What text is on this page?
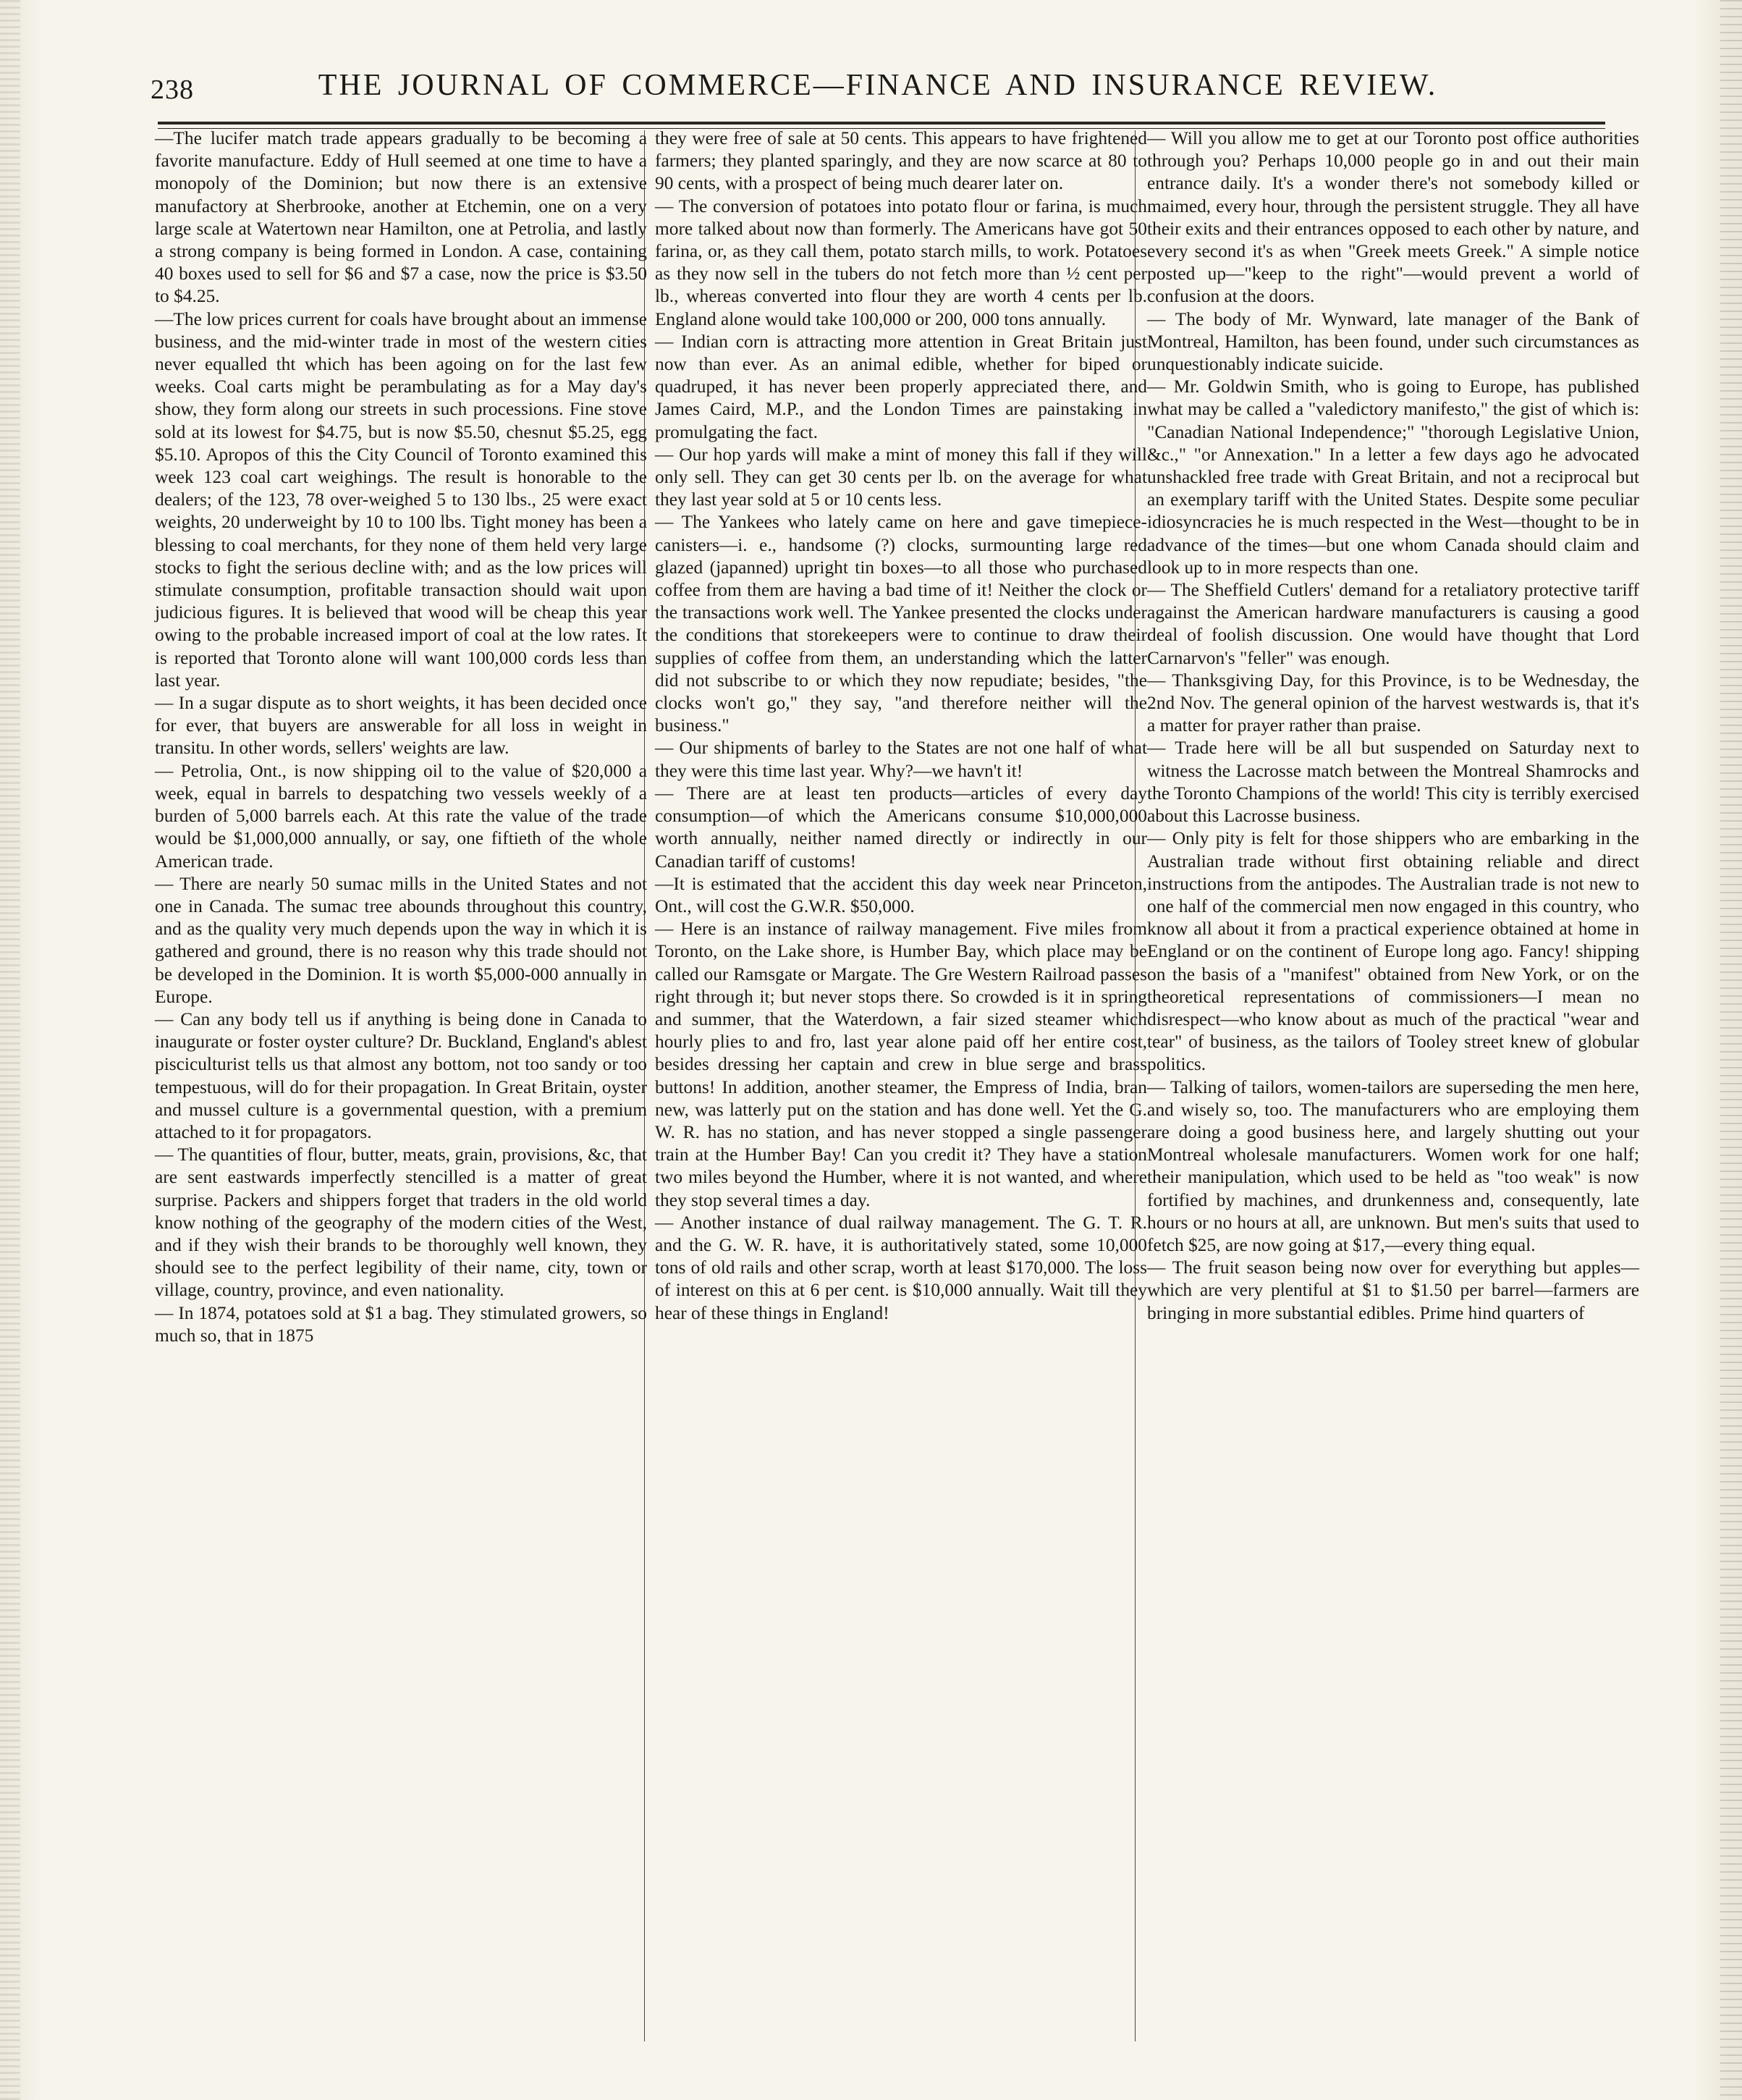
238	THE JOURNAL OF COMMERCE—FINANCE AND INSURANCE REVIEW.

—The lucifer match trade appears gradually to be becoming a favorite manufacture. Eddy of Hull seemed at one time to have a monopoly of the Dominion; but now there is an extensive manufactory at Sherbrooke, another at Etchemin, one on a very large scale at Watertown near Hamilton, one at Petrolia, and lastly a strong company is being formed in London. A case, containing 40 boxes used to sell for $6 and $7 a case, now the price is $3.50 to $4.25.

—The low prices current for coals have brought about an immense business, and the mid-winter trade in most of the western cities never equalled tht which has been agoing on for the last few weeks. Coal carts might be perambulating as for a May day's show, they form along our streets in such processions. Fine stove sold at its lowest for $4.75, but is now $5.50, chesnut $5.25, egg $5.10. Apropos of this the City Council of Toronto examined this week 123 coal cart weighings. The result is honorable to the dealers; of the 123, 78 over-weighed 5 to 130 lbs., 25 were exact weights, 20 underweight by 10 to 100 lbs. Tight money has been a blessing to coal merchants, for they none of them held very large stocks to fight the serious decline with; and as the low prices will stimulate consumption, profitable transaction should wait upon judicious figures. It is believed that wood will be cheap this year owing to the probable increased import of coal at the low rates. It is reported that Toronto alone will want 100,000 cords less than last year.

— In a sugar dispute as to short weights, it has been decided once for ever, that buyers are answerable for all loss in weight in transitu. In other words, sellers' weights are law.

— Petrolia, Ont., is now shipping oil to the value of $20,000 a week, equal in barrels to despatching two vessels weekly of a burden of 5,000 barrels each. At this rate the value of the trade would be $1,000,000 annually, or say, one fiftieth of the whole American trade.

— There are nearly 50 sumac mills in the United States and not one in Canada. The sumac tree abounds throughout this country, and as the quality very much depends upon the way in which it is gathered and ground, there is no reason why this trade should not be developed in the Dominion. It is worth $5,000-000 annually in Europe.

— Can any body tell us if anything is being done in Canada to inaugurate or foster oyster culture? Dr. Buckland, England's ablest pisciculturist tells us that almost any bottom, not too sandy or too tempestuous, will do for their propagation. In Great Britain, oyster and mussel culture is a governmental question, with a premium attached to it for propagators.

— The quantities of flour, butter, meats, grain, provisions, &c, that are sent eastwards imperfectly stencilled is a matter of great surprise. Packers and shippers forget that traders in the old world know nothing of the geography of the modern cities of the West, and if they wish their brands to be thoroughly well known, they should see to the perfect legibility of their name, city, town or village, country, province, and even nationality.

— In 1874, potatoes sold at $1 a bag. They stimulated growers, so much so, that in 1875

they were free of sale at 50 cents. This appears to have frightened farmers; they planted sparingly, and they are now scarce at 80 to 90 cents, with a prospect of being much dearer later on.

— The conversion of potatoes into potato flour or farina, is much more talked about now than formerly. The Americans have got 50 farina, or, as they call them, potato starch mills, to work. Potatoes as they now sell in the tubers do not fetch more than ½ cent per lb., whereas converted into flour they are worth 4 cents per lb. England alone would take 100,000 or 200, 000 tons annually.

— Indian corn is attracting more attention in Great Britain just now than ever. As an animal edible, whether for biped or quadruped, it has never been properly appreciated there, and James Caird, M.P., and the London Times are painstaking in promulgating the fact.

— Our hop yards will make a mint of money this fall if they will only sell. They can get 30 cents per lb. on the average for what they last year sold at 5 or 10 cents less.

— The Yankees who lately came on here and gave timepiece-canisters—i. e., handsome (?) clocks, surmounting large red glazed (japanned) upright tin boxes—to all those who purchased coffee from them are having a bad time of it! Neither the clock or the transactions work well. The Yankee presented the clocks under the conditions that storekeepers were to continue to draw their supplies of coffee from them, an understanding which the latter did not subscribe to or which they now repudiate; besides, "the clocks won't go," they say, "and therefore neither will the business."

— Our shipments of barley to the States are not one half of what they were this time last year. Why?—we havn't it!

— There are at least ten products—articles of every day consumption—of which the Americans consume $10,000,000 worth annually, neither named directly or indirectly in our Canadian tariff of customs!

—It is estimated that the accident this day week near Princeton, Ont., will cost the G.W.R. $50,000.

— Here is an instance of railway management. Five miles from Toronto, on the Lake shore, is Humber Bay, which place may be called our Ramsgate or Margate. The Gre Western Railroad passes right through it; but never stops there. So crowded is it in spring and summer, that the Waterdown, a fair sized steamer which hourly plies to and fro, last year alone paid off her entire cost, besides dressing her captain and crew in blue serge and brass buttons! In addition, another steamer, the Empress of India, bran new, was latterly put on the station and has done well. Yet the G. W. R. has no station, and has never stopped a single passenger train at the Humber Bay! Can you credit it? They have a station two miles beyond the Humber, where it is not wanted, and where they stop several times a day.

— Another instance of dual railway management. The G. T. R. and the G. W. R. have, it is authoritatively stated, some 10,000 tons of old rails and other scrap, worth at least $170,000. The loss of interest on this at 6 per cent. is $10,000 annually. Wait till they hear of these things in England!

— Will you allow me to get at our Toronto post office authorities through you? Perhaps 10,000 people go in and out their main entrance daily. It's a wonder there's not somebody killed or maimed, every hour, through the persistent struggle. They all have their exits and their entrances opposed to each other by nature, and every second it's as when "Greek meets Greek." A simple notice posted up—"keep to the right"—would prevent a world of confusion at the doors.

— The body of Mr. Wynward, late manager of the Bank of Montreal, Hamilton, has been found, under such circumstances as unquestionably indicate suicide.

— Mr. Goldwin Smith, who is going to Europe, has published what may be called a "valedictory manifesto," the gist of which is: "Canadian National Independence;" "thorough Legislative Union, &c.," "or Annexation." In a letter a few days ago he advocated unshackled free trade with Great Britain, and not a reciprocal but an exemplary tariff with the United States. Despite some peculiar idiosyncracies he is much respected in the West—thought to be in advance of the times—but one whom Canada should claim and look up to in more respects than one.

— The Sheffield Cutlers' demand for a retaliatory protective tariff against the American hardware manufacturers is causing a good deal of foolish discussion. One would have thought that Lord Carnarvon's "feller" was enough.

— Thanksgiving Day, for this Province, is to be Wednesday, the 2nd Nov. The general opinion of the harvest westwards is, that it's a matter for prayer rather than praise.

— Trade here will be all but suspended on Saturday next to witness the Lacrosse match between the Montreal Shamrocks and the Toronto Champions of the world! This city is terribly exercised about this Lacrosse business.

— Only pity is felt for those shippers who are embarking in the Australian trade without first obtaining reliable and direct instructions from the antipodes. The Australian trade is not new to one half of the commercial men now engaged in this country, who know all about it from a practical experience obtained at home in England or on the continent of Europe long ago. Fancy! shipping on the basis of a "manifest" obtained from New York, or on the theoretical representations of commissioners—I mean no disrespect—who know about as much of the practical "wear and tear" of business, as the tailors of Tooley street knew of globular politics.

— Talking of tailors, women-tailors are superseding the men here, and wisely so, too. The manufacturers who are employing them are doing a good business here, and largely shutting out your Montreal wholesale manufacturers. Women work for one half; their manipulation, which used to be held as "too weak" is now fortified by machines, and drunkenness and, consequently, late hours or no hours at all, are unknown. But men's suits that used to fetch $25, are now going at $17,—every thing equal.

— The fruit season being now over for everything but apples—which are very plentiful at $1 to $1.50 per barrel—farmers are bringing in more substantial edibles. Prime hind quarters of
